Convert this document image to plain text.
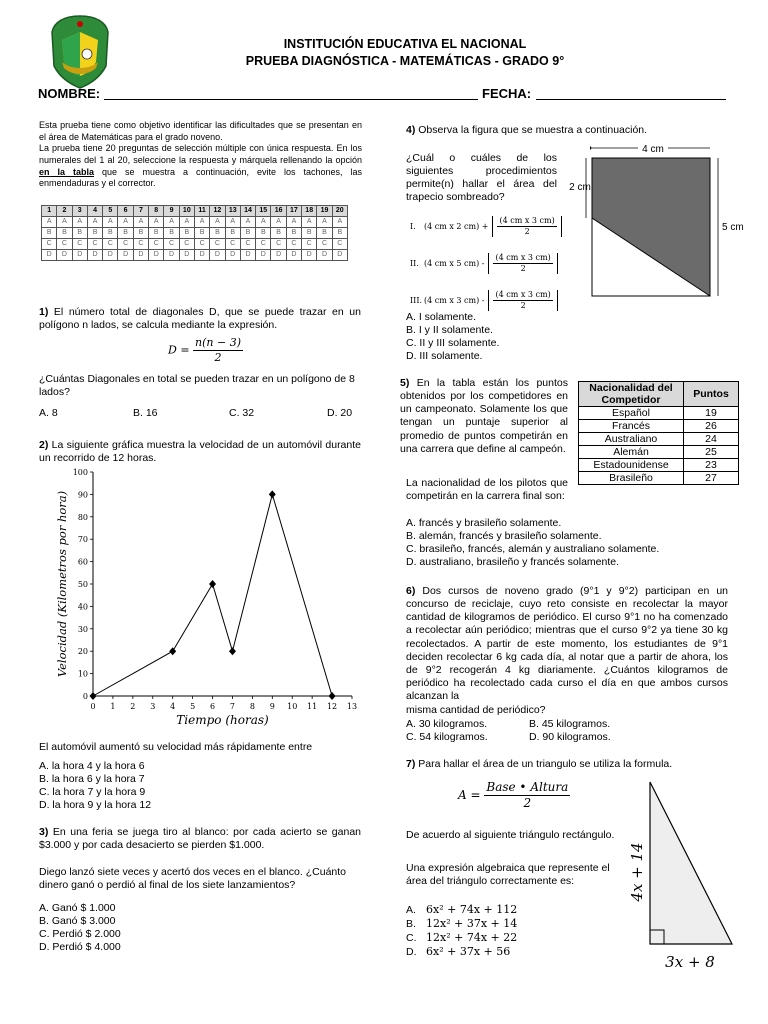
INSTITUCIÓN EDUCATIVA EL NACIONAL
PRUEBA DIAGNÓSTICA - MATEMÁTICAS - GRADO 9°
NOMBRE:	FECHA:
Esta prueba tiene como objetivo identificar las dificultades que se presentan en el área de Matemáticas para el grado noveno.
La prueba tiene 20 preguntas de selección múltiple con única respuesta. En los numerales del 1 al 20, seleccione la respuesta y márquela rellenando la opción en la tabla que se muestra a continuación, evite los tachones, las enmendaduras y el corrector.
1	2	3	4	5	6	7	8	9	10	11	12	13	14	15	16	17	18	19	20
A	A	A	A	A	A	A	A	A	A	A	A	A	A	A	A	A	A	A	A
B	B	B	B	B	B	B	B	B	B	B	B	B	B	B	B	B	B	B	B
C	C	C	C	C	C	C	C	C	C	C	C	C	C	C	C	C	C	C	C
D	D	D	D	D	D	D	D	D	D	D	D	D	D	D	D	D	D	D	D
1) El número total de diagonales D, que se puede trazar en un polígono n lados, se calcula mediante la expresión.
$D = \frac{n(n - 3)}{2}$
¿Cuántas Diagonales en total se pueden trazar en un polígono de 8 lados?
A. 8	B. 16	C. 32	D. 20
2) La siguiente gráfica muestra la velocidad de un automóvil durante un recorrido de 12 horas.
0 1 2 3 4 5 6 7 8 9 10 11 12 13
0
10
20
30
40
50
60
70
80
90
100
Tiempo (horas)
Velocidad (Kilometros por hora)
El automóvil aumentó su velocidad más rápidamente entre

A. la hora 4 y la hora 6

B. la hora 6 y la hora 7

C. la hora 7 y la hora 9

D. la hora 9 y la hora 12

3) En una feria se juega tiro al blanco: por cada acierto se ganan $3.000 y por cada desacierto se pierden $1.000.
Diego lanzó siete veces y acertó dos veces en el blanco. ¿Cuánto dinero ganó o perdió al final de los siete lanzamientos?

A. Ganó $ 1.000

B. Ganó $ 3.000

C. Perdió $ 2.000

D. Perdió $ 4.000

4) Observa la figura que se muestra a continuación.
¿Cuál o cuáles de los siguientes procedimientos permite(n) hallar el área del trapecio sombreado?
I.	(4 cm x 2 $cm) + \frac{\text{(4 cm x 3 cm)}}{2}$
II. (4 cm x 5 $cm) - \frac{\text{(4 cm x 3 cm)}}{2}$
III. (4 cm x 3 $cm) - \frac{\text{(4 cm x 3 cm)}}{2}$
4 cm
2 cm
5 cm

A. I solamente.

B. I y II solamente.

C. II y III solamente.

D. III solamente.

5) En la tabla están los puntos obtenidos por los competidores en un campeonato. Solamente los que tengan un puntaje superior al promedio de puntos competirán en una carrera que define al campeón.
Nacionalidad del Competidor	Puntos
Español	19
Francés	26
Australiano	24
Alemán	25
Estadounidense	23
Brasileño	27
La nacionalidad de los pilotos que competirán en la carrera final son:

A. francés y brasileño solamente.

B. alemán, francés y brasileño solamente.

C. brasileño, francés, alemán y australiano solamente.

D. australiano, brasileño y francés solamente.

6) Dos cursos de noveno grado (9°1 y 9°2) participan en un concurso de reciclaje, cuyo reto consiste en recolectar la mayor cantidad de kilogramos de periódico. El curso 9°1 no ha comenzado a recolectar aún periódico; mientras que el curso 9°2 ya tiene 30 kg recolectados. A partir de este momento, los estudiantes de 9°1 deciden recolectar 6 kg cada día, al notar que a partir de ahora, los de 9°2 recogerán 4 kg diariamente. ¿Cuántos kilogramos de periódico ha recolectado cada curso el día en que ambos cursos alcanzan la
misma cantidad de periódico?
A. 30 kilogramos.	B. 45 kilogramos.
C. 54 kilogramos.	D. 90 kilogramos.
7) Para hallar el área de un triangulo se utiliza la formula.
$A = \frac{\text{Base • Altura}}{2}$
De acuerdo al siguiente triángulo rectángulo.
Una expresión algebraica que represente el área del triángulo correctamente es:
A. 6x² + 74x + 112
B. 12x² + 37x + 14
C. 12x² + 74x + 22
D. 6x² + 37x + 56
4x + 14
3x + 8
